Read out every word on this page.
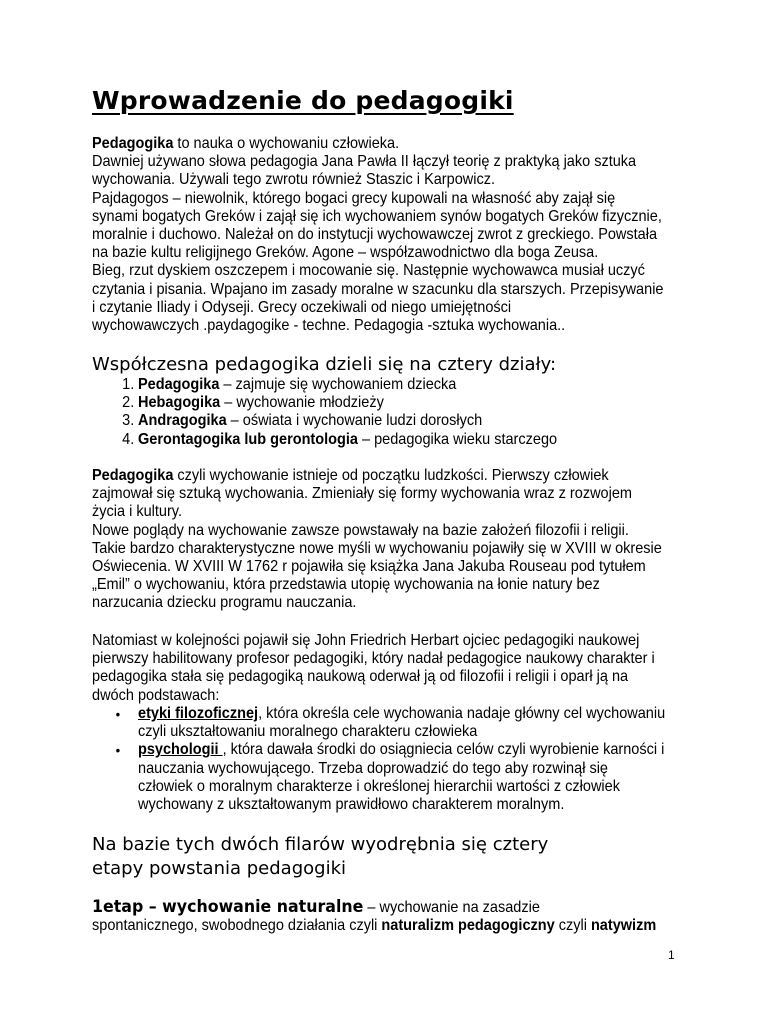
Wprowadzenie do pedagogiki
Pedagogika to nauka o wychowaniu człowieka.
Dawniej używano słowa pedagogia Jana Pawła II łączył teorię z praktyką jako sztuka
wychowania. Używali tego zwrotu również Staszic i Karpowicz.
Pajdagogos – niewolnik, którego bogaci grecy kupowali na własność aby zajął się
synami bogatych Greków i zajął się ich wychowaniem synów bogatych Greków fizycznie,
moralnie i duchowo. Należał on do instytucji wychowawczej zwrot z greckiego. Powstała
na bazie kultu religijnego Greków. Agone – współzawodnictwo dla boga Zeusa.
Bieg, rzut dyskiem oszczepem i mocowanie się. Następnie wychowawca musiał uczyć
czytania i pisania. Wpajano im zasady moralne w szacunku dla starszych. Przepisywanie
i czytanie Iliady i Odyseji. Grecy oczekiwali od niego umiejętności
wychowawczych .paydagogike - techne. Pedagogia -sztuka wychowania..
Współczesna pedagogika dzieli się na cztery działy:
1. Pedagogika – zajmuje się wychowaniem dziecka
2. Hebagogika – wychowanie młodzieży
3. Andragogika – oświata i wychowanie ludzi dorosłych
4. Gerontagogika lub gerontologia – pedagogika wieku starczego
Pedagogika czyli wychowanie istnieje od początku ludzkości. Pierwszy człowiek
zajmował się sztuką wychowania. Zmieniały się formy wychowania wraz z rozwojem
życia i kultury.
Nowe poglądy na wychowanie zawsze powstawały na bazie założeń filozofii i religii.
Takie bardzo charakterystyczne nowe myśli w wychowaniu pojawiły się w XVIII w okresie
Oświecenia. W XVIII W 1762 r pojawiła się książka Jana Jakuba Rouseau pod tytułem
„Emil” o wychowaniu, która przedstawia utopię wychowania na łonie natury bez
narzucania dziecku programu nauczania.
Natomiast w kolejności pojawił się John Friedrich Herbart ojciec pedagogiki naukowej
pierwszy habilitowany profesor pedagogiki, który nadał pedagogice naukowy charakter i
pedagogika stała się pedagogiką naukową oderwał ją od filozofii i religii i oparł ją na
dwóch podstawach:
• etyki filozoficznej, która określa cele wychowania nadaje główny cel wychowaniu
czyli ukształtowaniu moralnego charakteru człowieka
• psychologii , która dawała środki do osiągniecia celów czyli wyrobienie karności i
nauczania wychowującego. Trzeba doprowadzić do tego aby rozwinął się
człowiek o moralnym charakterze i określonej hierarchii wartości z człowiek
wychowany z ukształtowanym prawidłowo charakterem moralnym.
Na bazie tych dwóch filarów wyodrębnia się cztery
etapy powstania pedagogiki
1etap – wychowanie naturalne – wychowanie na zasadzie
spontanicznego, swobodnego działania czyli naturalizm pedagogiczny czyli natywizm
1
